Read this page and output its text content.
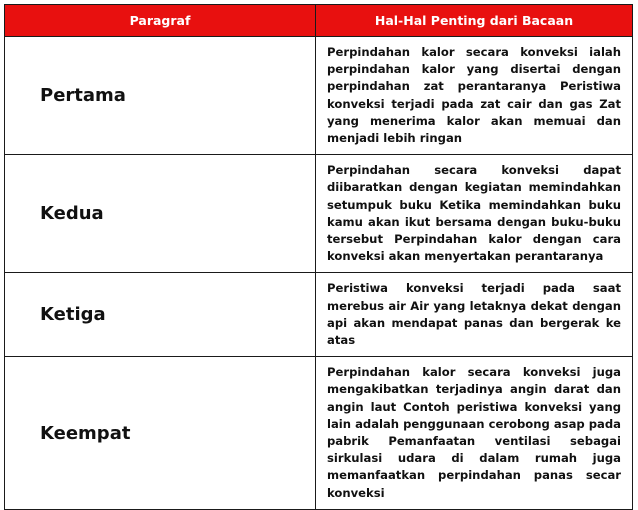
Paragraf	Hal-Hal Penting dari Bacaan
Pertama	Perpindahan kalor secara konveksi ialah perpindahan kalor yang disertai dengan perpindahan zat perantaranya Peristiwa konveksi terjadi pada zat cair dan gas Zat yang menerima kalor akan memuai dan menjadi lebih ringan
Kedua	Perpindahan secara konveksi dapat diibaratkan dengan kegiatan memindahkan setumpuk buku Ketika memindahkan buku kamu akan ikut bersama dengan buku-buku tersebut Perpindahan kalor dengan cara konveksi akan menyertakan perantaranya
Ketiga	Peristiwa konveksi terjadi pada saat merebus air Air yang letaknya dekat dengan api akan mendapat panas dan bergerak ke atas
Keempat	Perpindahan kalor secara konveksi juga mengakibatkan terjadinya angin darat dan angin laut Contoh peristiwa konveksi yang lain adalah penggunaan cerobong asap pada pabrik Pemanfaatan ventilasi sebagai sirkulasi udara di dalam rumah juga memanfaatkan perpindahan panas secar konveksi
